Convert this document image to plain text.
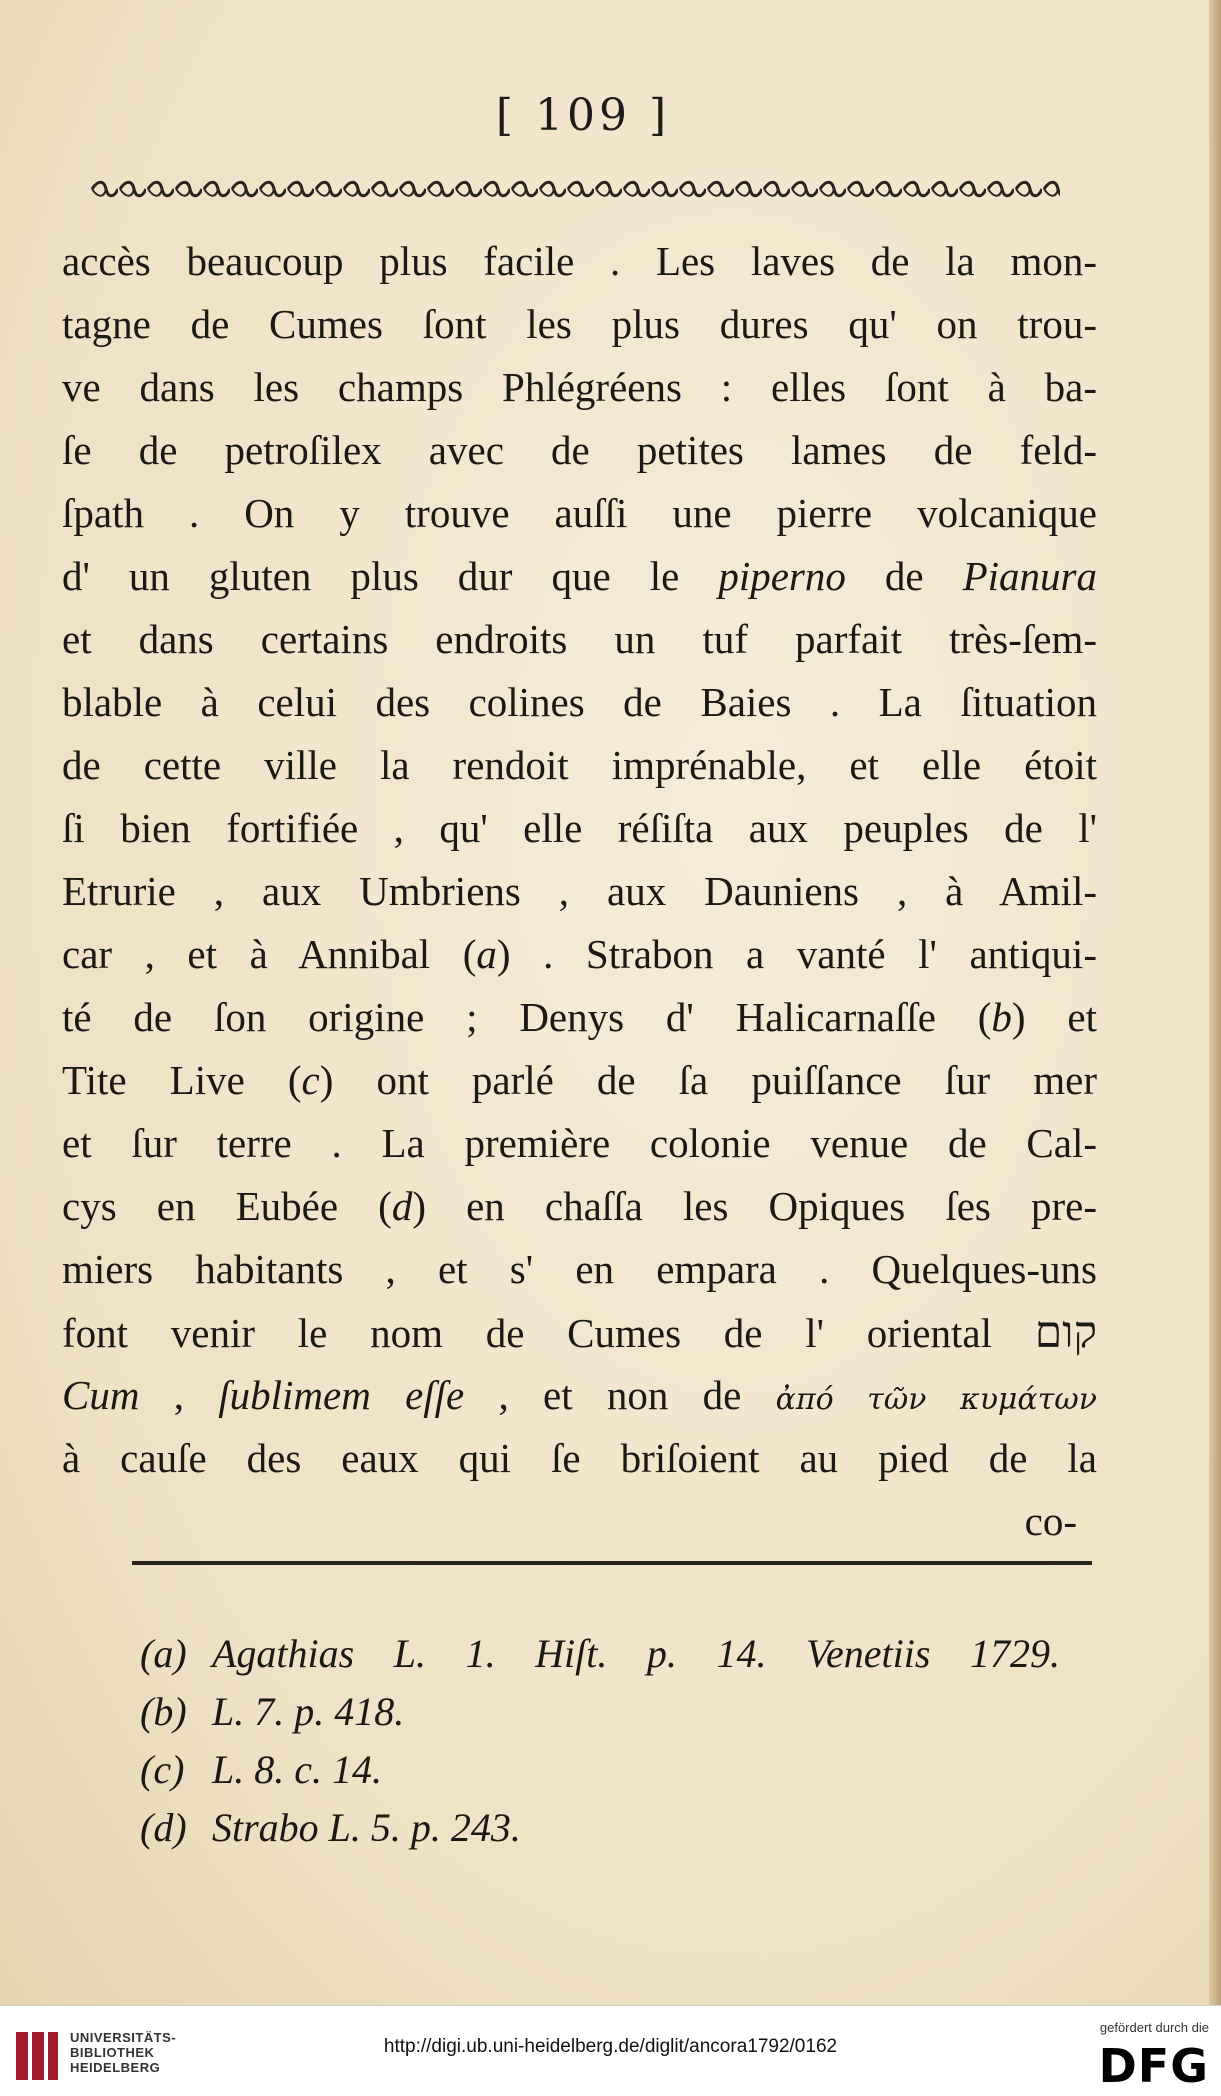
[ 109 ]
accès beaucoup plus facile . Les laves de la mon-
tagne de Cumes ſont les plus dures qu' on trou-
ve dans les champs Phlégréens : elles ſont à ba-
ſe de petroſilex avec de petites lames de feld-
ſpath . On y trouve auſſi une pierre volcanique
d' un gluten plus dur que le piperno de Pianura
et dans certains endroits un tuf parfait très-ſem-
blable à celui des colines de Baies . La ſituation
de cette ville la rendoit imprénable, et elle étoit
ſi bien fortifiée , qu' elle réſiſta aux peuples de l'
Etrurie , aux Umbriens , aux Dauniens , à Amil-
car , et à Annibal (a) . Strabon a vanté l' antiqui-
té de ſon origine ; Denys d' Halicarnaſſe (b) et
Tite Live (c) ont parlé de ſa puiſſance ſur mer
et ſur terre . La première colonie venue de Cal-
cys en Eubée (d) en chaſſa les Opiques ſes pre-
miers habitants , et s' en empara . Quelques-uns
font venir le nom de Cumes de l' oriental קום
Cum , ſublimem eſſe , et non de ἀπό τῶν κυμάτων
à cauſe des eaux qui ſe briſoient au pied de la
co-
(a) Agathias L. 1. Hiſt. p. 14. Venetiis 1729.
(b) L. 7. p. 418.
(c) L. 8. c. 14.
(d) Strabo L. 5. p. 243.
UNIVERSITÄTS-
BIBLIOTHEK
HEIDELBERG
http://digi.ub.uni-heidelberg.de/diglit/ancora1792/0162
gefördert durch die
DFG
